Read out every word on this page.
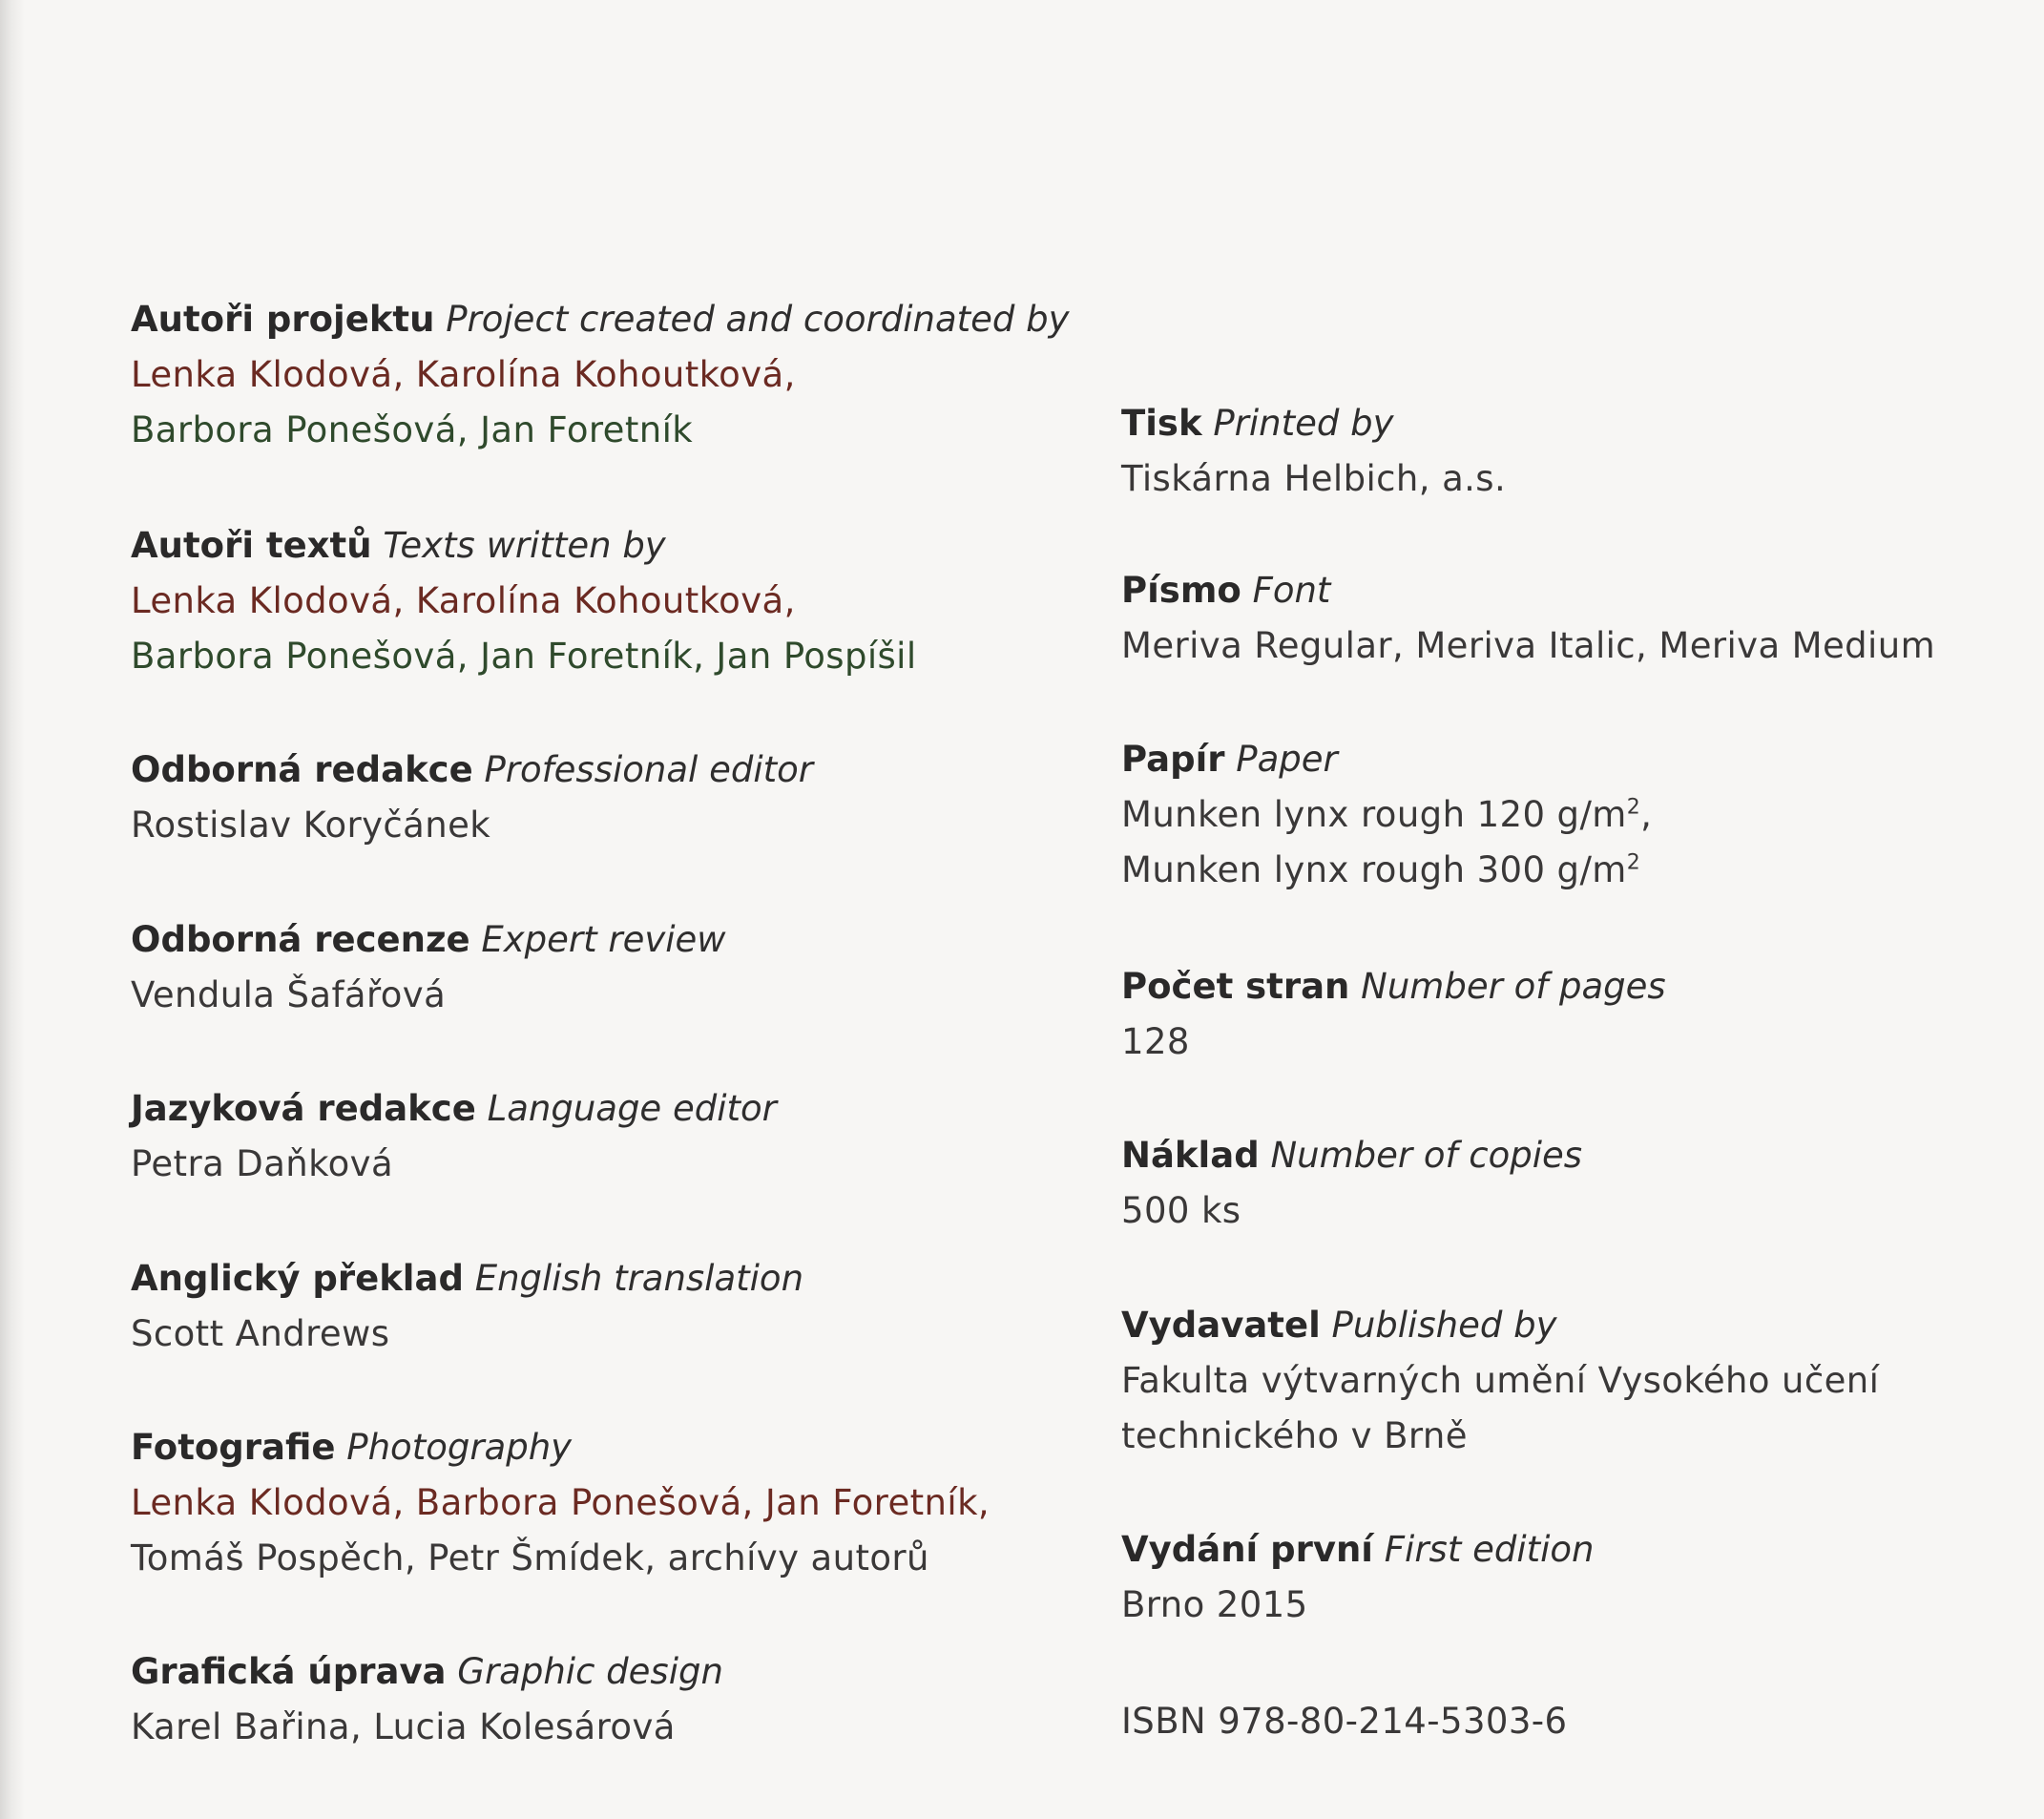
Autoři projektu Project created and coordinated by
Lenka Klodová, Karolína Kohoutková,
Barbora Ponešová, Jan Foretník
Autoři textů Texts written by
Lenka Klodová, Karolína Kohoutková,
Barbora Ponešová, Jan Foretník, Jan Pospíšil
Odborná redakce Professional editor
Rostislav Koryčánek
Odborná recenze Expert review
Vendula Šafářová
Jazyková redakce Language editor
Petra Daňková
Anglický překlad English translation
Scott Andrews
Fotografie Photography
Lenka Klodová, Barbora Ponešová, Jan Foretník,
Tomáš Pospěch, Petr Šmídek, archívy autorů
Grafická úprava Graphic design
Karel Bařina, Lucia Kolesárová
Tisk Printed by
Tiskárna Helbich, a.s.
Písmo Font
Meriva Regular, Meriva Italic, Meriva Medium
Papír Paper
Munken lynx rough 120 $g/m^2$,
Munken lynx rough 300 $g/m^2$
Počet stran Number of pages
128
Náklad Number of copies
500 ks
Vydavatel Published by
Fakulta výtvarných umění Vysokého učení
technického v Brně
Vydání první First edition
Brno 2015
ISBN 978-80-214-5303-6
